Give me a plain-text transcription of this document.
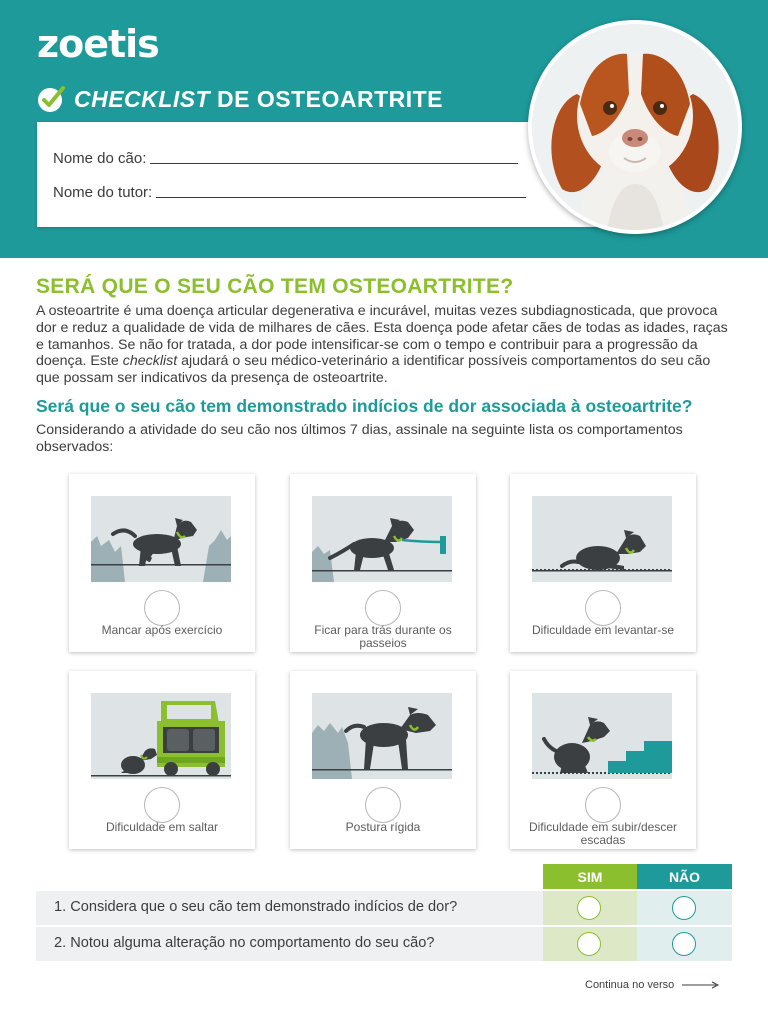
zoetis
CHECKLIST DE OSTEOARTRITE
Nome do cão:
Nome do tutor:
SERÁ QUE O SEU CÃO TEM OSTEOARTRITE?

A osteoartrite é uma doença articular degenerativa e incurável, muitas vezes subdiagnosticada, que provoca dor e reduz a qualidade de vida de milhares de cães. Esta doença pode afetar cães de todas as idades, raças e tamanhos. Se não for tratada, a dor pode intensificar-se com o tempo e contribuir para a progressão da doença. Este checklist ajudará o seu médico-veterinário a identificar possíveis comportamentos do seu cão que possam ser indicativos da presença de osteoartrite.

Será que o seu cão tem demonstrado indícios de dor associada à osteoartrite?

Considerando a atividade do seu cão nos últimos 7 dias, assinale na seguinte lista os comportamentos observados:

Mancar após exercício	Ficar para trás durante os passeios
Dificuldade em levantar-se
Dificuldade em saltar	Postura rígida	Dificuldade em subir/descer escadas
SIM	NÃO
1. Considera que o seu cão tem demonstrado indícios de dor?
2. Notou alguma alteração no comportamento do seu cão?
Continua no verso
